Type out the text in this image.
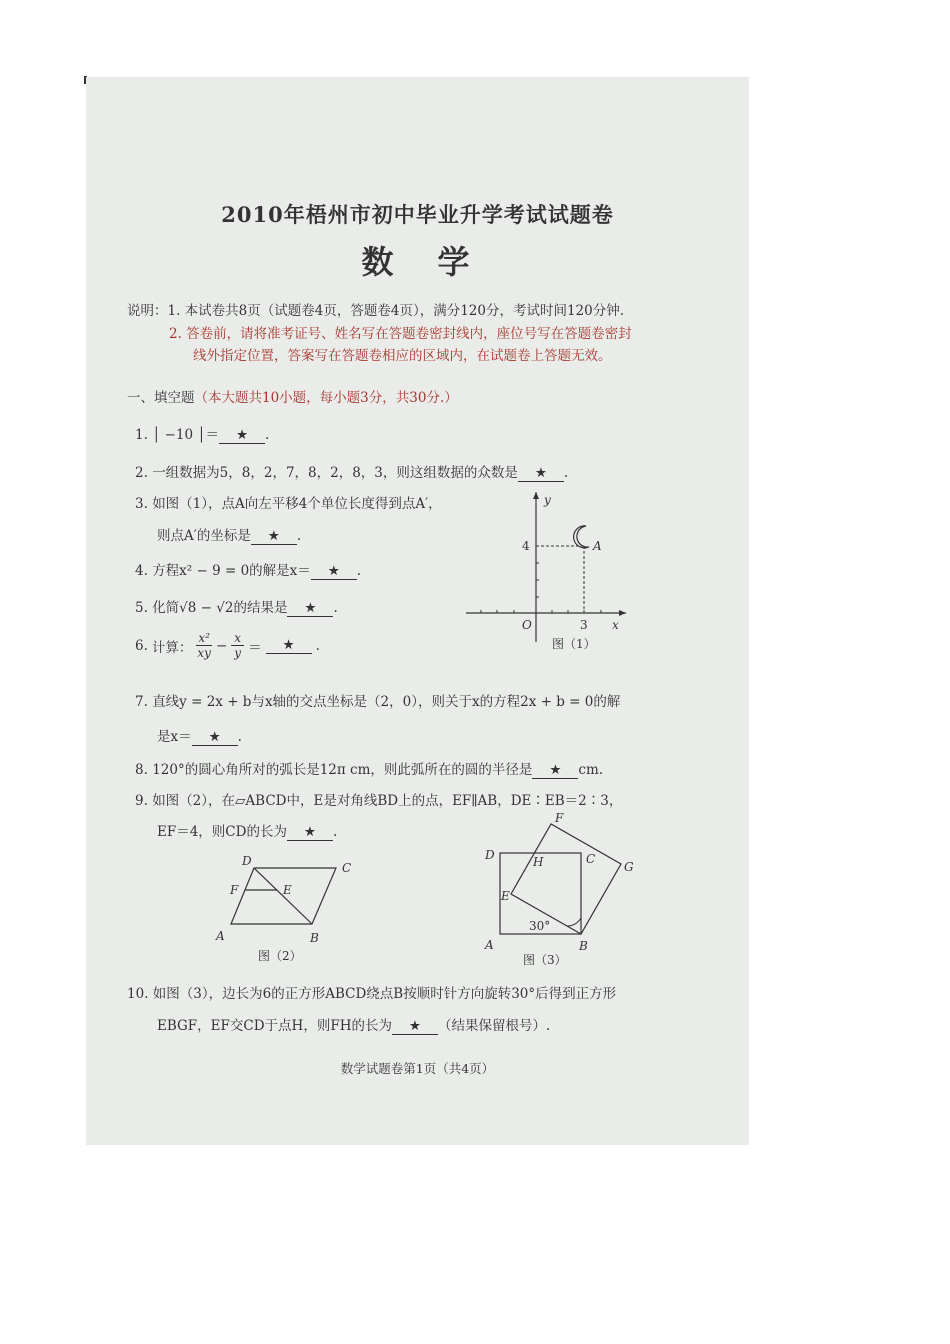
2010年梧州市初中毕业升学考试试题卷
数学
说明：1. 本试卷共8页（试题卷4页，答题卷4页），满分120分，考试时间120分钟.
2. 答卷前，请将准考证号、姓名写在答题卷密封线内，座位号写在答题卷密封
线外指定位置，答案写在答题卷相应的区域内，在试题卷上答题无效。
一、填空题（本大题共10小题，每小题3分，共30分.）
1. │ −10 │＝ ★ .
2. 一组数据为5，8，2，7，8，2，8，3，则这组数据的众数是 ★ .
3. 如图（1），点A向左平移4个单位长度得到点A′，
则点A′的坐标是 ★ .
4. 方程x² − 9 = 0的解是x＝ ★ .
5. 化简√8 − √2的结果是 ★ .
6. 计算：
x²
xy − $\frac{x}{y}$ ＝	★	.
7. 直线y = 2x + b与x轴的交点坐标是（2，0），则关于x的方程2x + b = 0的解
是x＝ ★ .
8. 120°的圆心角所对的弧长是12π cm，则此弧所在的圆的半径是 ★ cm.
9. 如图（2），在▱ABCD中，E是对角线BD上的点，EF∥AB，DE∶EB＝2∶3，
EF＝4，则CD的长为 ★ .
10. 如图（3），边长为6的正方形ABCD绕点B按顺时针方向旋转30°后得到正方形
EBGF，EF交CD于点H，则FH的长为 ★ （结果保留根号）.
y
x
O
4
3
A
图（1）
D	C
F	E
A	B
图（2）
F
D	H	C
G
E
30°
A	B
图（3）
数学试题卷第1页（共4页）
